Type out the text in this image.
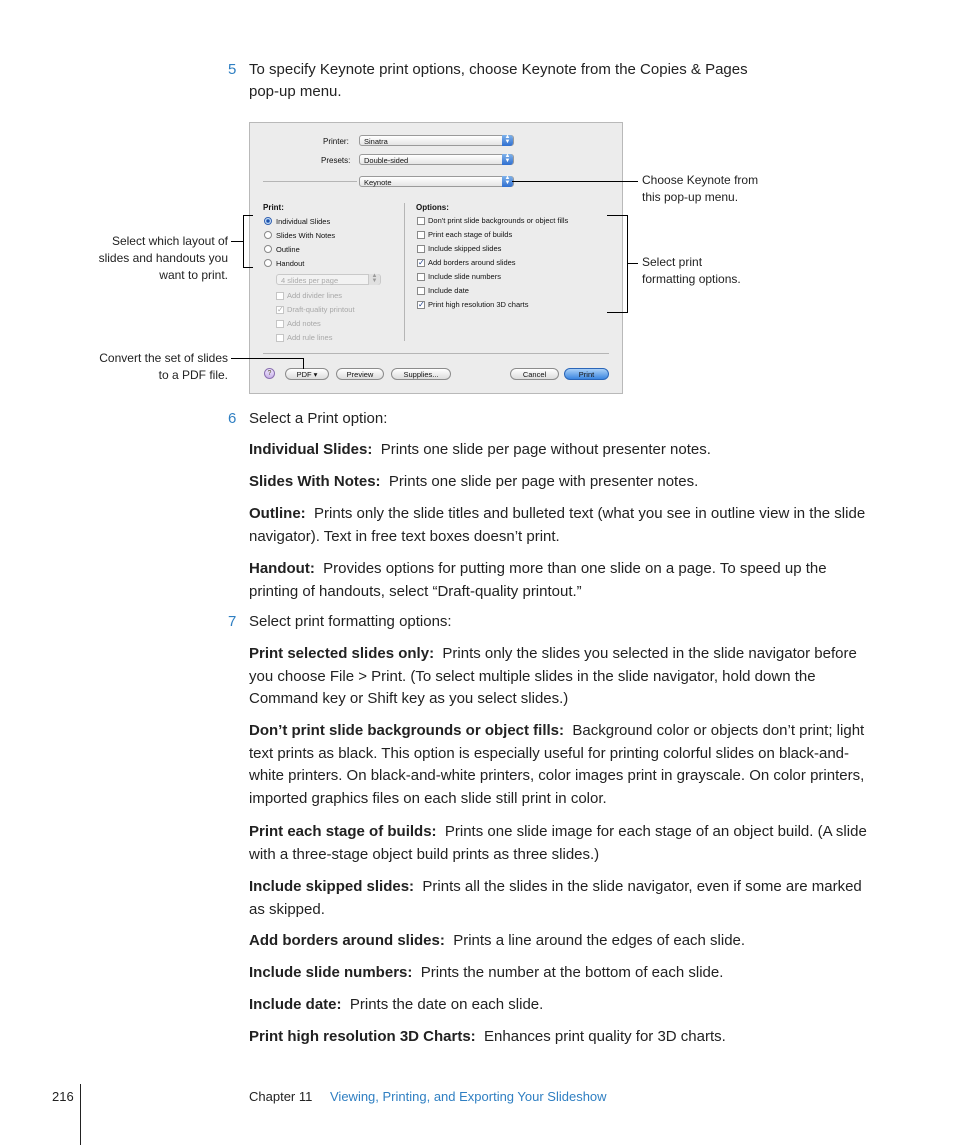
5 To specify Keynote print options, choose Keynote from the Copies & Pages
pop-up menu.
Printer:	Sinatra	▲
▼
Presets:	Double-sided	▲
▼
Keynote	▲
▼
Print:
Individual Slides
Slides With Notes
Outline
Handout
4 slides per page	▲
▼
Add divider lines
✓ Draft-quality printout
Add notes
Add rule lines
Options:
Don't print slide backgrounds or object fills
Print each stage of builds
Include skipped slides
✓ Add borders around slides
Include slide numbers
Include date
✓ Print high resolution 3D charts
?	PDF ▾	Preview	Supplies...	Cancel	Print
Choose Keynote from
this pop-up menu.
Select which layout of
slides and handouts you
want to print.
Select print
formatting options.
Convert the set of slides
to a PDF file.
6 Select a Print option:
Individual Slides: Prints one slide per page without presenter notes.
Slides With Notes: Prints one slide per page with presenter notes.
Outline: Prints only the slide titles and bulleted text (what you see in outline view in the slide navigator). Text in free text boxes doesn’t print.
Handout: Provides options for putting more than one slide on a page. To speed up the printing of handouts, select “Draft-quality printout.”
7 Select print formatting options:
Print selected slides only: Prints only the slides you selected in the slide navigator before you choose File > Print. (To select multiple slides in the slide navigator, hold down the Command key or Shift key as you select slides.)
Don’t print slide backgrounds or object fills: Background color or objects don’t print; light text prints as black. This option is especially useful for printing colorful slides on black-and-white printers. On black-and-white printers, color images print in grayscale. On color printers, imported graphics files on each slide still print in color.
Print each stage of builds: Prints one slide image for each stage of an object build. (A slide with a three-stage object build prints as three slides.)
Include skipped slides: Prints all the slides in the slide navigator, even if some are marked as skipped.
Add borders around slides: Prints a line around the edges of each slide.
Include slide numbers: Prints the number at the bottom of each slide.
Include date: Prints the date on each slide.
Print high resolution 3D Charts: Enhances print quality for 3D charts.
216	Chapter 11 Viewing, Printing, and Exporting Your Slideshow
